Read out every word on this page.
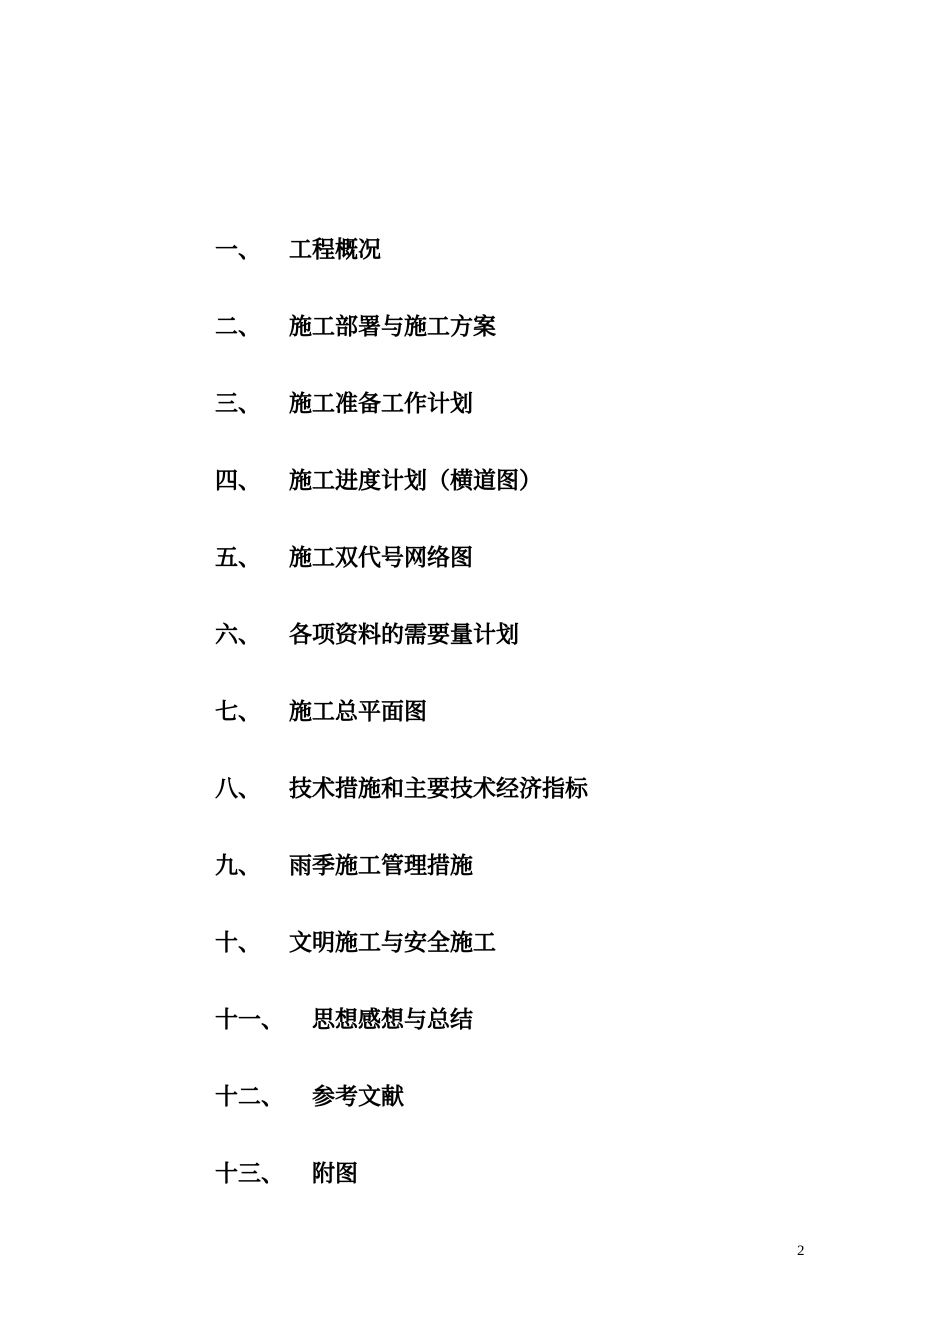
一、 工程概况
二、 施工部署与施工方案
三、 施工准备工作计划
四、 施工进度计划（横道图）
五、 施工双代号网络图
六、 各项资料的需要量计划
七、 施工总平面图
八、 技术措施和主要技术经济指标
九、 雨季施工管理措施
十、 文明施工与安全施工
十一、 思想感想与总结
十二、 参考文献
十三、 附图
2
